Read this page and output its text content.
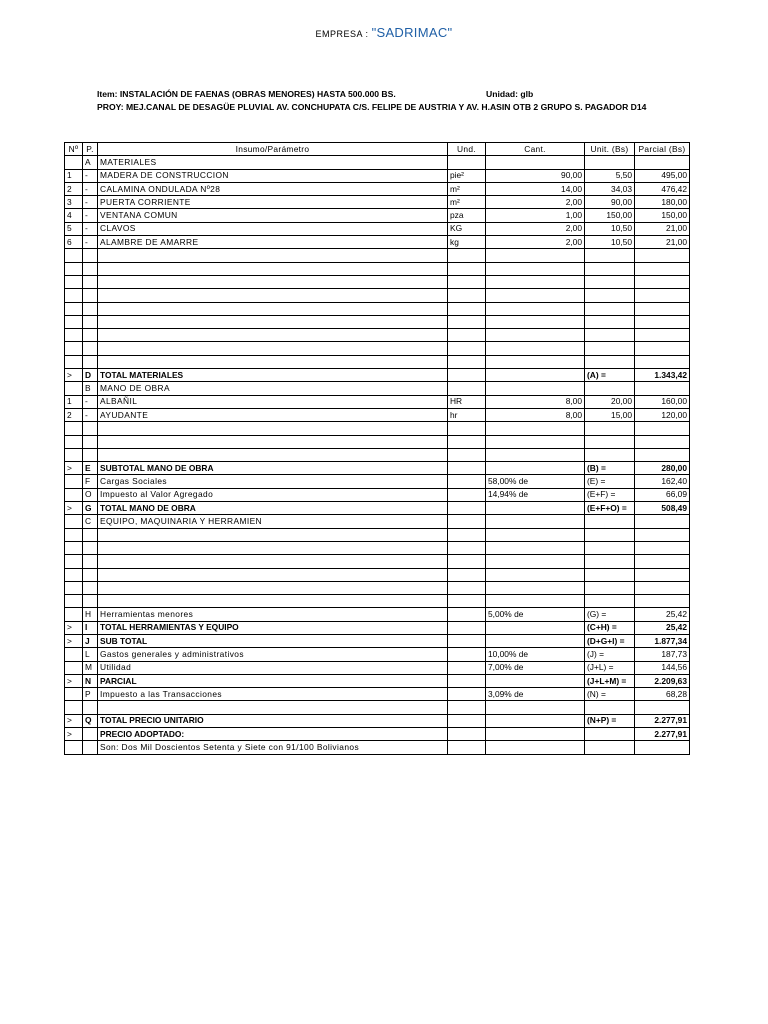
EMPRESA : "SADRIMAC"
Item: INSTALACIÓN DE FAENAS (OBRAS MENORES) HASTA 500.000 BS.	Unidad: glb
PROY: MEJ.CANAL DE DESAGÜE PLUVIAL AV. CONCHUPATA C/S. FELIPE DE AUSTRIA Y AV. H.ASIN OTB 2 GRUPO S. PAGADOR D14
Nº	P.	Insumo/Parámetro	Und.	Cant.	Unit. (Bs)	Parcial (Bs)
	A	MATERIALES				
1	-	MADERA DE CONSTRUCCION	pie²	90,00	5,50	495,00
2	-	CALAMINA ONDULADA Nº28	m²	14,00	34,03	476,42
3	-	PUERTA CORRIENTE	m²	2,00	90,00	180,00
4	-	VENTANA COMUN	pza	1,00	150,00	150,00
5	-	CLAVOS	KG	2,00	10,50	21,00
6	-	ALAMBRE DE AMARRE	kg	2,00	10,50	21,00

>	D	TOTAL MATERIALES			(A) =	1.343,42
	B	MANO DE OBRA				
1	-	ALBAÑIL	HR	8,00	20,00	160,00
2	-	AYUDANTE	hr	8,00	15,00	120,00

>	E	SUBTOTAL MANO DE OBRA			(B) =	280,00
	F	Cargas Sociales		58,00% de	(E) =	162,40
	O	Impuesto al Valor Agregado		14,94% de	(E+F) =	66,09
>	G	TOTAL MANO DE OBRA			(E+F+O) =	508,49
	C	EQUIPO, MAQUINARIA Y HERRAMIEN				

	H	Herramientas menores		5,00% de	(G) =	25,42
>	I	TOTAL HERRAMIENTAS Y EQUIPO			(C+H) =	25,42
>	J	SUB TOTAL			(D+G+I) =	1.877,34
	L	Gastos generales y administrativos		10,00% de	(J) =	187,73
	M	Utilidad		7,00% de	(J+L) =	144,56
>	N	PARCIAL			(J+L+M) =	2.209,63
	P	Impuesto a las Transacciones		3,09% de	(N) =	68,28

>	Q	TOTAL PRECIO UNITARIO			(N+P) =	2.277,91
>		PRECIO ADOPTADO:				2.277,91
		Son: Dos Mil Doscientos Setenta y Siete con 91/100 Bolivianos				
